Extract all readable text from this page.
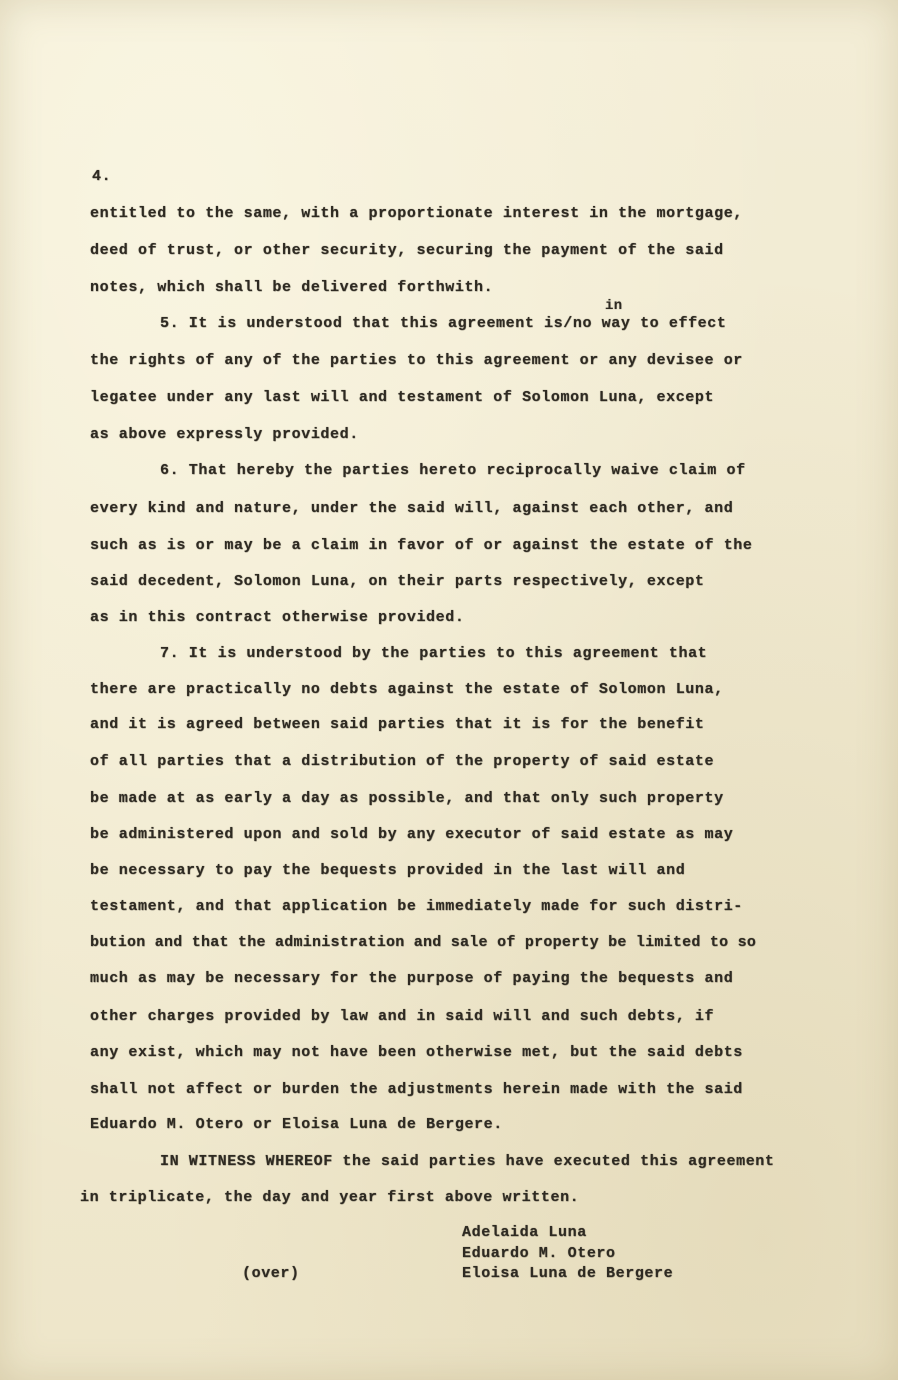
4.
in
entitled to the same, with a proportionate interest in the mortgage,
deed of trust, or other security, securing the payment of the said
notes, which shall be delivered forthwith.
5. It is understood that this agreement is/no way to effect
the rights of any of the parties to this agreement or any devisee or
legatee under any last will and testament of Solomon Luna, except
as above expressly provided.
6. That hereby the parties hereto reciprocally waive claim of
every kind and nature, under the said will, against each other, and
such as is or may be a claim in favor of or against the estate of the
said decedent, Solomon Luna, on their parts respectively, except
as in this contract otherwise provided.
7. It is understood by the parties to this agreement that
there are practically no debts against the estate of Solomon Luna,
and it is agreed between said parties that it is for the benefit
of all parties that a distribution of the property of said estate
be made at as early a day as possible, and that only such property
be administered upon and sold by any executor of said estate as may
be necessary to pay the bequests provided in the last will and
testament, and that application be immediately made for such distri-
bution and that the administration and sale of property be limited to so
much as may be necessary for the purpose of paying the bequests and
other charges provided by law and in said will and such debts, if
any exist, which may not have been otherwise met, but the said debts
shall not affect or burden the adjustments herein made with the said
Eduardo M. Otero or Eloisa Luna de Bergere.
IN WITNESS WHEREOF the said parties have executed this agreement
in triplicate, the day and year first above written.
Adelaida Luna
Eduardo M. Otero
Eloisa Luna de Bergere
(over)
